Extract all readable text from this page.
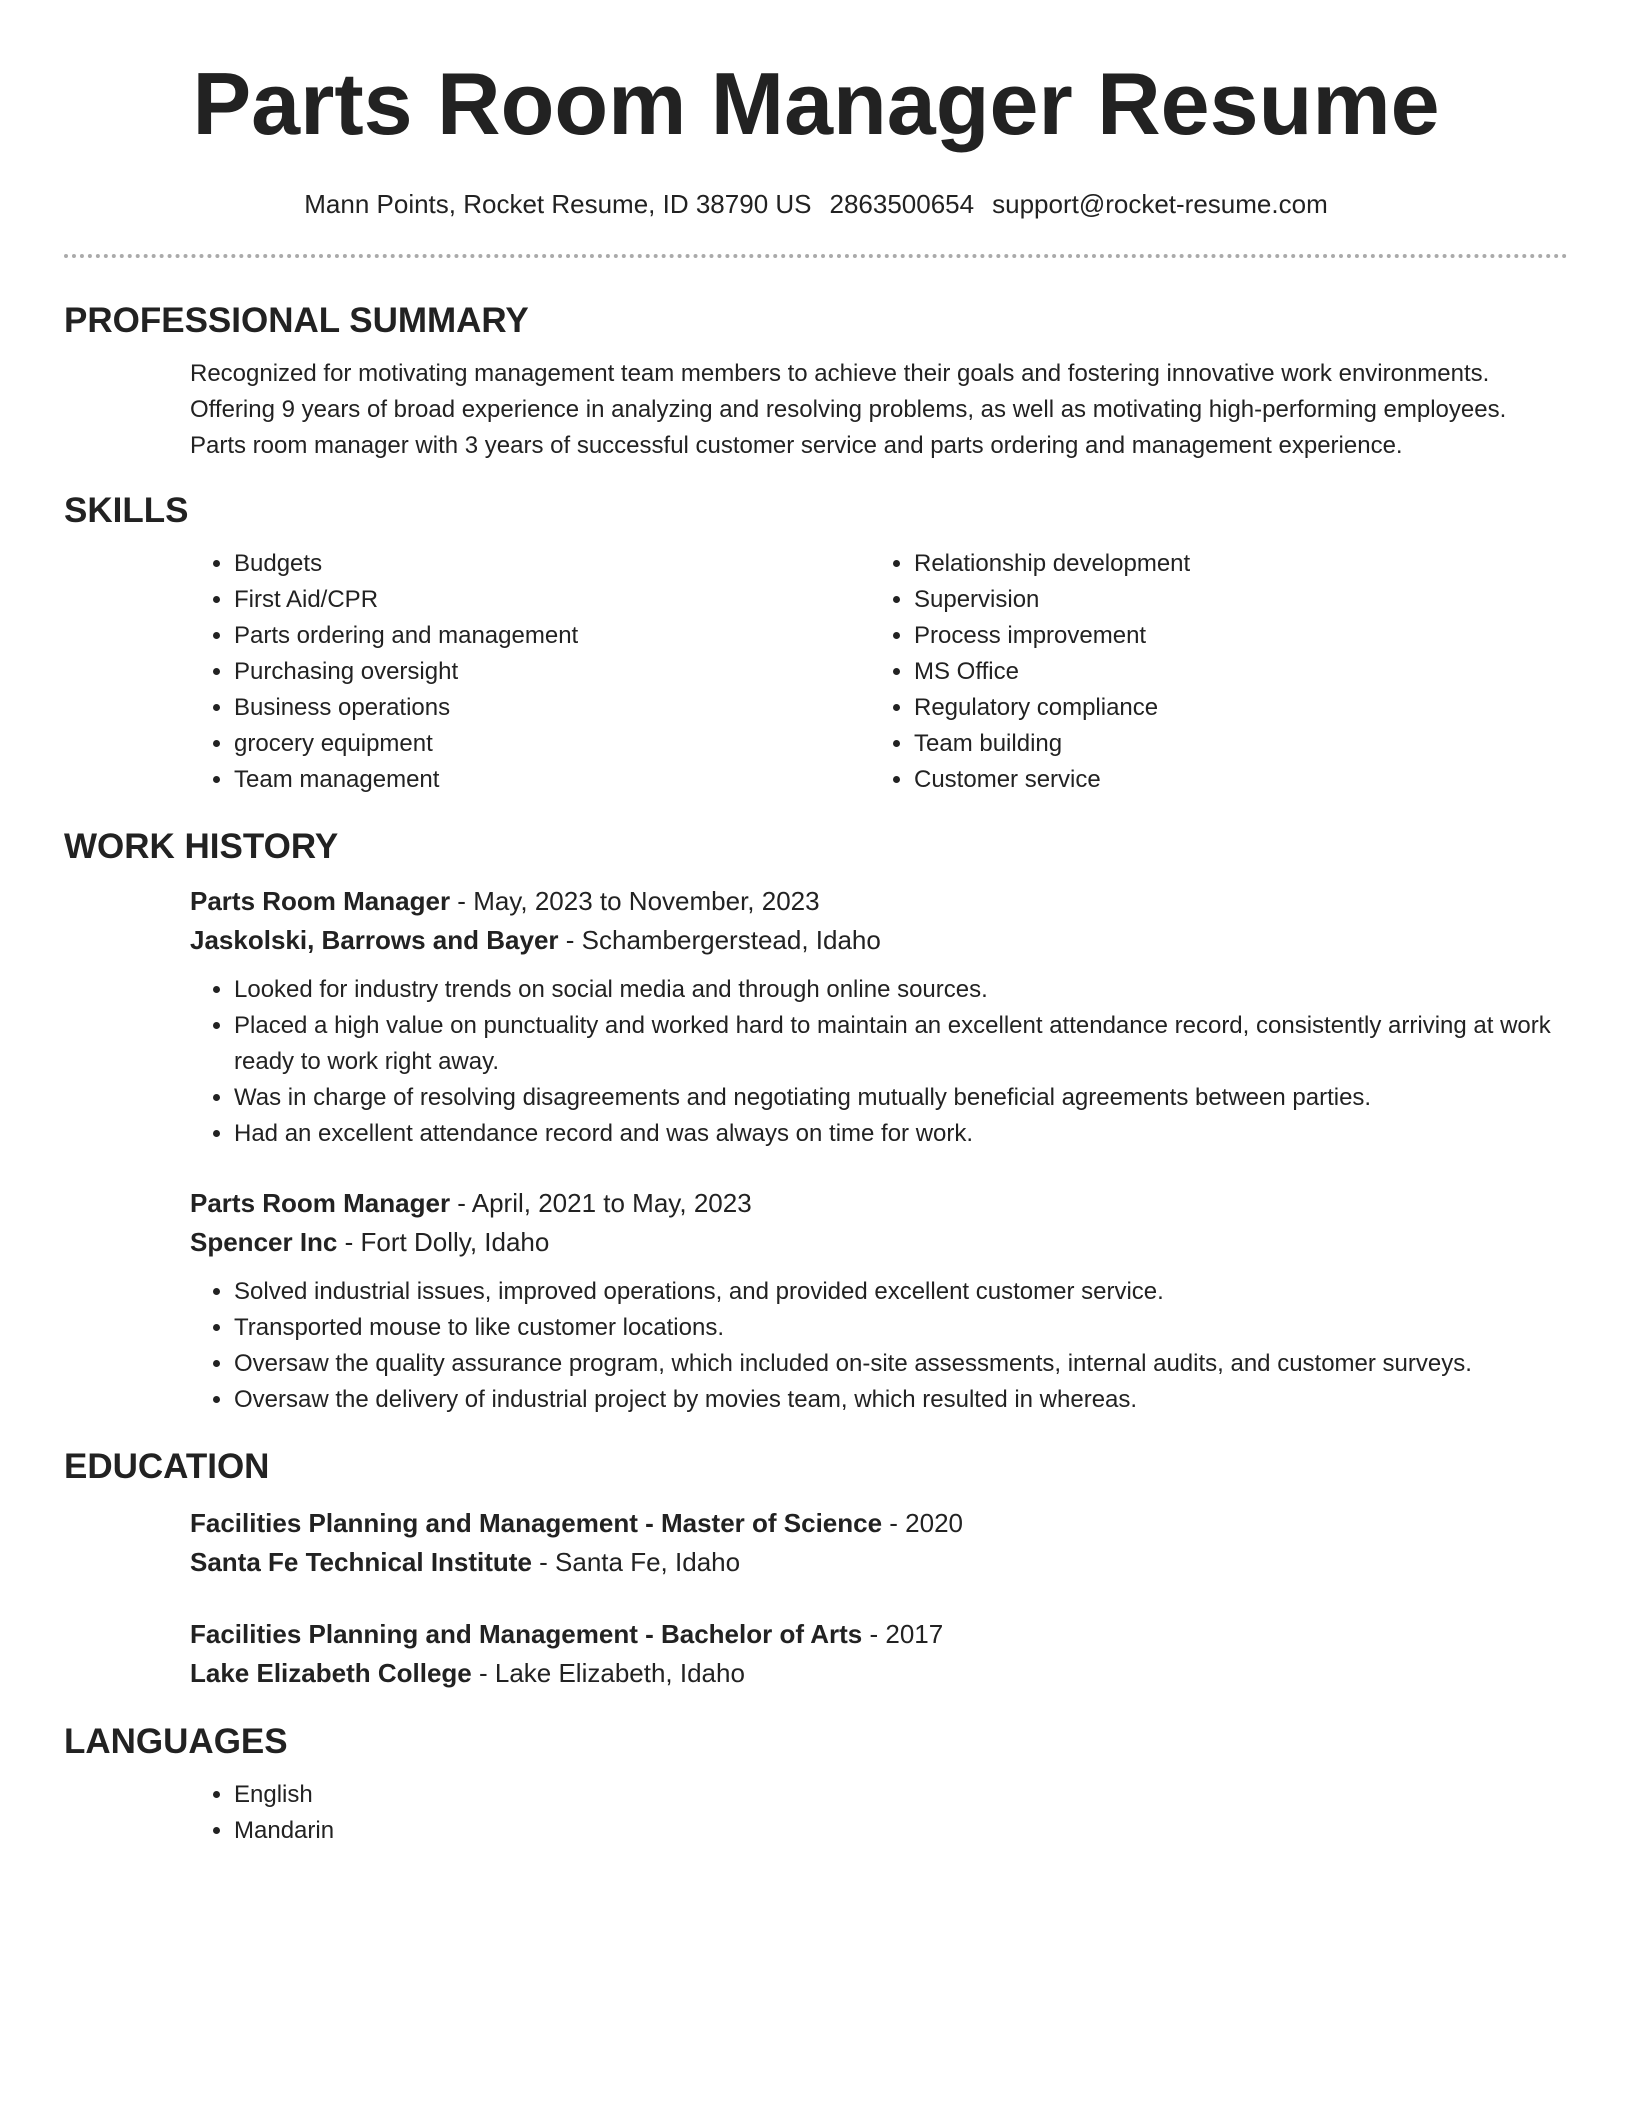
Parts Room Manager Resume
Mann Points, Rocket Resume, ID 38790 US 2863500654 support@rocket-resume.com
PROFESSIONAL SUMMARY

Recognized for motivating management team members to achieve their goals and fostering innovative work environments. Offering 9 years of broad experience in analyzing and resolving problems, as well as motivating high-performing employees. Parts room manager with 3 years of successful customer service and parts ordering and management experience.

SKILLS
• Budgets
• First Aid/CPR
• Parts ordering and management
• Purchasing oversight
• Business operations
• grocery equipment
• Team management
• Relationship development
• Supervision
• Process improvement
• MS Office
• Regulatory compliance
• Team building
• Customer service
WORK HISTORY
Parts Room Manager - May, 2023 to November, 2023
Jaskolski, Barrows and Bayer - Schambergerstead, Idaho
• Looked for industry trends on social media and through online sources.
• Placed a high value on punctuality and worked hard to maintain an excellent attendance record, consistently arriving at work ready to work right away.
• Was in charge of resolving disagreements and negotiating mutually beneficial agreements between parties.
• Had an excellent attendance record and was always on time for work.
Parts Room Manager - April, 2021 to May, 2023
Spencer Inc - Fort Dolly, Idaho
• Solved industrial issues, improved operations, and provided excellent customer service.
• Transported mouse to like customer locations.
• Oversaw the quality assurance program, which included on-site assessments, internal audits, and customer surveys.
• Oversaw the delivery of industrial project by movies team, which resulted in whereas.
EDUCATION
Facilities Planning and Management - Master of Science - 2020
Santa Fe Technical Institute - Santa Fe, Idaho
Facilities Planning and Management - Bachelor of Arts - 2017
Lake Elizabeth College - Lake Elizabeth, Idaho
LANGUAGES
• English
• Mandarin
